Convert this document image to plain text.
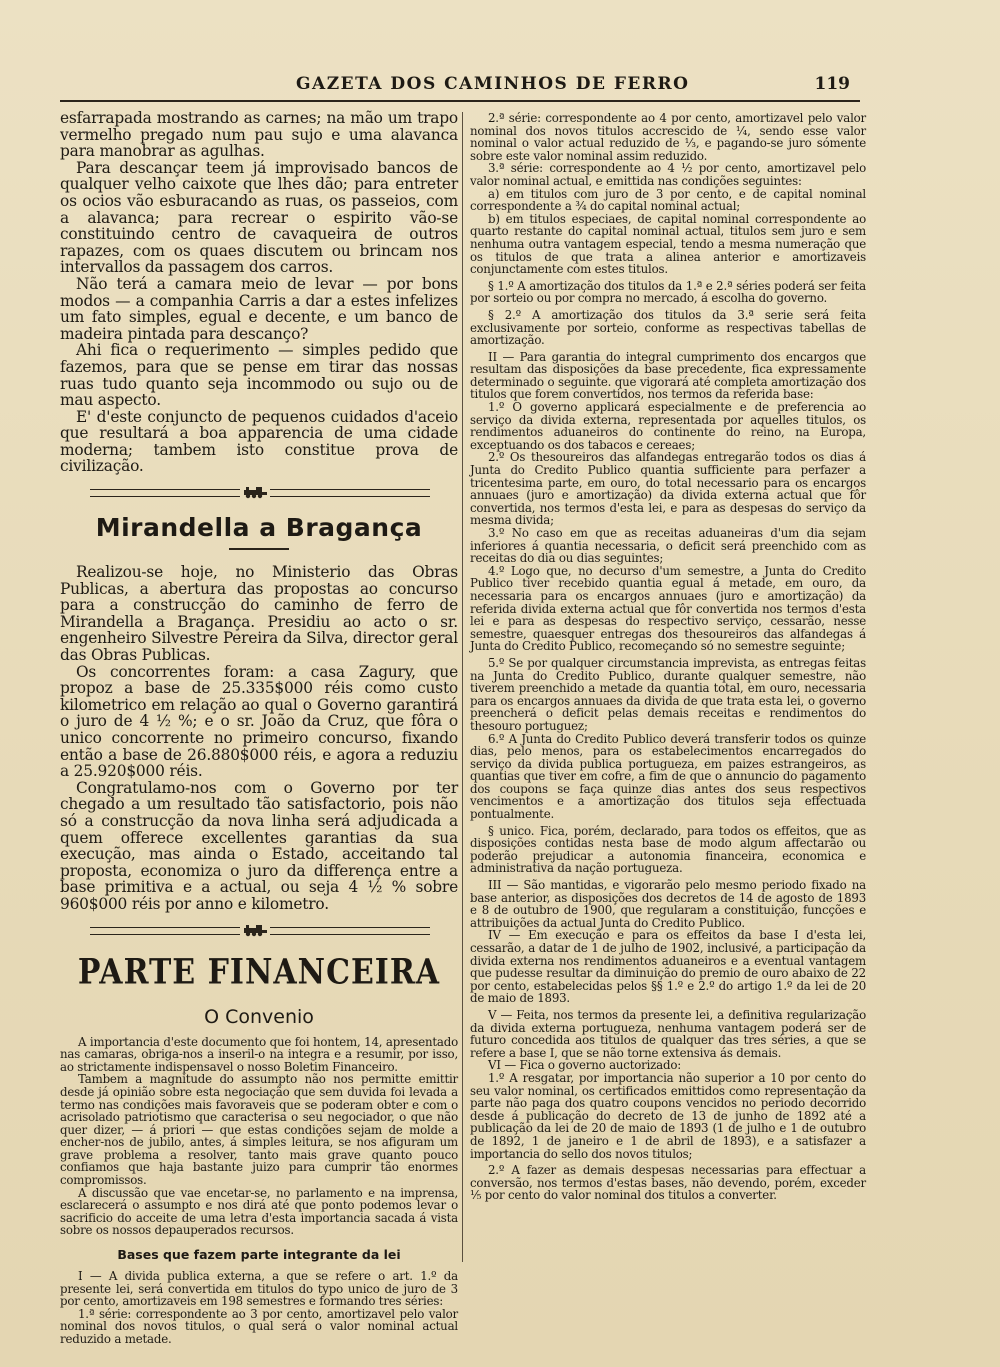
GAZETA DOS CAMINHOS DE FERRO	119

esfarrapada mostrando as carnes; na mão um trapo vermelho pregado num pau sujo e uma alavanca para manobrar as agulhas.

Para descançar teem já improvisado bancos de qualquer velho caixote que lhes dão; para entreter os ocios vão esburacando as ruas, os passeios, com a alavanca; para recrear o espirito vão-se constituindo centro de cavaqueira de outros rapazes, com os quaes discutem ou brincam nos intervallos da passagem dos carros.

Não terá a camara meio de levar — por bons modos — a companhia Carris a dar a estes infelizes um fato simples, egual e decente, e um banco de madeira pintada para descanço?

Ahi fica o requerimento — simples pedido que fazemos, para que se pense em tirar das nossas ruas tudo quanto seja incommodo ou sujo ou de mau aspecto.

E' d'este conjuncto de pequenos cuidados d'aceio que resultará a boa apparencia de uma cidade moderna; tambem isto constitue prova de civilização.

Mirandella a Bragança

Realizou-se hoje, no Ministerio das Obras Publicas, a abertura das propostas ao concurso para a construcção do caminho de ferro de Mirandella a Bragança. Presidiu ao acto o sr. engenheiro Silvestre Pereira da Silva, director geral das Obras Publicas.

Os concorrentes foram: a casa Zagury, que propoz a base de 25.335$000 réis como custo kilometrico em relação ao qual o Governo garantirá o juro de 4 ½ %; e o sr. João da Cruz, que fôra o unico concorrente no primeiro concurso, fixando então a base de 26.880$000 réis, e agora a reduziu a 25.920$000 réis.

Congratulamo-nos com o Governo por ter chegado a um resultado tão satisfactorio, pois não só a construcção da nova linha será adjudicada a quem offerece excellentes garantias da sua execução, mas ainda o Estado, acceitando tal proposta, economiza o juro da differença entre a base primitiva e a actual, ou seja 4 ½ % sobre 960$000 réis por anno e kilometro.

PARTE FINANCEIRA
O Convenio

A importancia d'este documento que foi hontem, 14, apresentado nas camaras, obriga-nos a inseril-o na integra e a resumir, por isso, ao strictamente indispensavel o nosso Boletim Financeiro.

Tambem a magnitude do assumpto não nos permitte emittir desde já opinião sobre esta negociação que sem duvida foi levada a termo nas condições mais favoraveis que se poderam obter e com o acrisolado patriotismo que caracterisa o seu negociador, o que não quer dizer, — á priori — que estas condições sejam de molde a encher-nos de jubilo, antes, á simples leitura, se nos afiguram um grave problema a resolver, tanto mais grave quanto pouco confiamos que haja bastante juizo para cumprir tão enormes compromissos.

A discussão que vae encetar-se, no parlamento e na imprensa, esclarecerá o assumpto e nos dirá até que ponto podemos levar o sacrificio do acceite de uma letra d'esta importancia sacada á vista sobre os nossos depauperados recursos.

Bases que fazem parte integrante da lei

I — A divida publica externa, a que se refere o art. 1.º da presente lei, será convertida em titulos do typo unico de juro de 3 por cento, amortizaveis em 198 semestres e formando tres séries:

1.ª série: correspondente ao 3 por cento, amortizavel pelo valor nominal dos novos titulos, o qual será o valor nominal actual reduzido a metade.

2.ª série: correspondente ao 4 por cento, amortizavel pelo valor nominal dos novos titulos accrescido de ¼, sendo esse valor nominal o valor actual reduzido de ⅓, e pagando-se juro sómente sobre este valor nominal assim reduzido.

3.ª série: correspondente ao 4 ½ por cento, amortizavel pelo valor nominal actual, e emittida nas condições seguintes:

a) em titulos com juro de 3 por cento, e de capital nominal correspondente a ¾ do capital nominal actual;

b) em titulos especiaes, de capital nominal correspondente ao quarto restante do capital nominal actual, titulos sem juro e sem nenhuma outra vantagem especial, tendo a mesma numeração que os titulos de que trata a alinea anterior e amortizaveis conjunctamente com estes titulos.

§ 1.º A amortização dos titulos da 1.ª e 2.ª séries poderá ser feita por sorteio ou por compra no mercado, á escolha do governo.

§ 2.º A amortização dos titulos da 3.ª serie será feita exclusivamente por sorteio, conforme as respectivas tabellas de amortização.

II — Para garantia do integral cumprimento dos encargos que resultam das disposições da base precedente, fica expressamente determinado o seguinte. que vigorará até completa amortização dos titulos que forem convertidos, nos termos da referida base:

1.º O governo applicará especialmente e de preferencia ao serviço da divida externa, representada por aquelles titulos, os rendimentos aduaneiros do continente do reino, na Europa, exceptuando os dos tabacos e cereaes;

2.º Os thesoureiros das alfandegas entregarão todos os dias á Junta do Credito Publico quantia sufficiente para perfazer a tricentesima parte, em ouro, do total necessario para os encargos annuaes (juro e amortização) da divida externa actual que fôr convertida, nos termos d'esta lei, e para as despesas do serviço da mesma divida;

3.º No caso em que as receitas aduaneiras d'um dia sejam inferiores á quantia necessaria, o deficit será preenchido com as receitas do dia ou dias seguintes;

4.º Logo que, no decurso d'um semestre, a Junta do Credito Publico tiver recebido quantia egual á metade, em ouro, da necessaria para os encargos annuaes (juro e amortização) da referida divida externa actual que fôr convertida nos termos d'esta lei e para as despesas do respectivo serviço, cessarão, nesse semestre, quaesquer entregas dos thesoureiros das alfandegas á Junta do Credito Publico, recomeçando só no semestre seguinte;

5.º Se por qualquer circumstancia imprevista, as entregas feitas na Junta do Credito Publico, durante qualquer semestre, não tiverem preenchido a metade da quantia total, em ouro, necessaria para os encargos annuaes da divida de que trata esta lei, o governo preencherá o deficit pelas demais receitas e rendimentos do thesouro portuguez;

6.º A Junta do Credito Publico deverá transferir todos os quinze dias, pelo menos, para os estabelecimentos encarregados do serviço da divida publica portugueza, em paizes estrangeiros, as quantias que tiver em cofre, a fim de que o annuncio do pagamento dos coupons se faça quinze dias antes dos seus respectivos vencimentos e a amortização dos titulos seja effectuada pontualmente.

§ unico. Fica, porém, declarado, para todos os effeitos, que as disposições contidas nesta base de modo algum affectarão ou poderão prejudicar a autonomia financeira, economica e administrativa da nação portugueza.

III — São mantidas, e vigorarão pelo mesmo periodo fixado na base anterior, as disposições dos decretos de 14 de agosto de 1893 e 8 de outubro de 1900, que regularam a constituição, funcções e attribuições da actual Junta do Credito Publico.

IV — Em execução e para os effeitos da base I d'esta lei, cessarão, a datar de 1 de julho de 1902, inclusivé, a participação da divida externa nos rendimentos aduaneiros e a eventual vantagem que pudesse resultar da diminuição do premio de ouro abaixo de 22 por cento, estabelecidas pelos §§ 1.º e 2.º do artigo 1.º da lei de 20 de maio de 1893.

V — Feita, nos termos da presente lei, a definitiva regularização da divida externa portugueza, nenhuma vantagem poderá ser de futuro concedida aos titulos de qualquer das tres séries, a que se refere a base I, que se não torne extensiva ás demais.

VI — Fica o governo auctorizado:

1.º A resgatar, por importancia não superior a 10 por cento do seu valor nominal, os certificados emittidos como representação da parte não paga dos quatro coupons vencidos no periodo decorrido desde á publicação do decreto de 13 de junho de 1892 até a publicação da lei de 20 de maio de 1893 (1 de julho e 1 de outubro de 1892, 1 de janeiro e 1 de abril de 1893), e a satisfazer a importancia do sello dos novos titulos;

2.º A fazer as demais despesas necessarias para effectuar a conversão, nos termos d'estas bases, não devendo, porém, exceder ⅕ por cento do valor nominal dos titulos a converter.
